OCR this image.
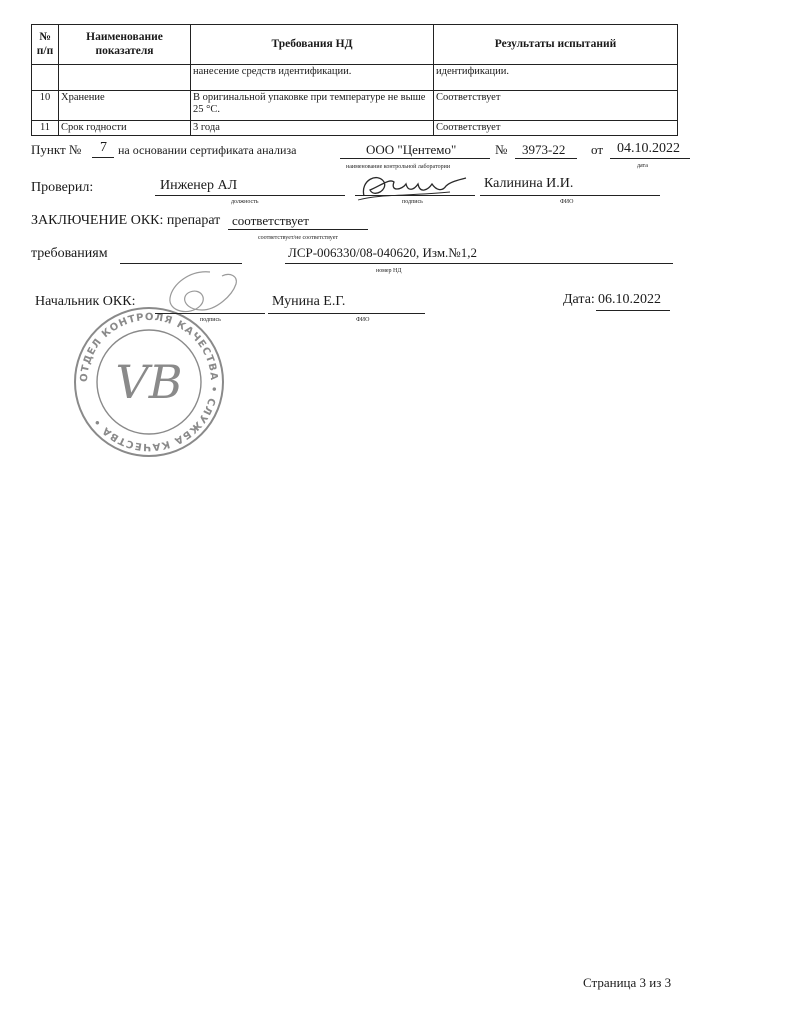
№ п/п	Наименование показателя	Требования НД	Результаты испытаний
		нанесение средств идентификации.	идентификации.
10	Хранение	В оригинальной упаковке при температуре не выше 25 °С.	Соответствует
11	Срок годности	3 года	Соответствует
Пункт № 7 на основании сертификата анализа	ООО "Центемо"
наименование контрольной лаборатории
№ 3973-22 от 04.10.2022
дата
Проверил:	Инженер АЛ
должность	подпись
Калинина И.И.
ФИО
ЗАКЛЮЧЕНИЕ ОКК: препарат соответствует
соответствует/не соответствует
требованиям	ЛСР-006330/08-040620, Изм.№1,2
номер НД
ОТДЕЛ КОНТРОЛЯ КАЧЕСТВА • СЛУЖБА КАЧЕСТВА •
VB
Начальник ОКК:
подпись
Мунина Е.Г.
ФИО
Дата: 06.10.2022
Страница 3 из 3
